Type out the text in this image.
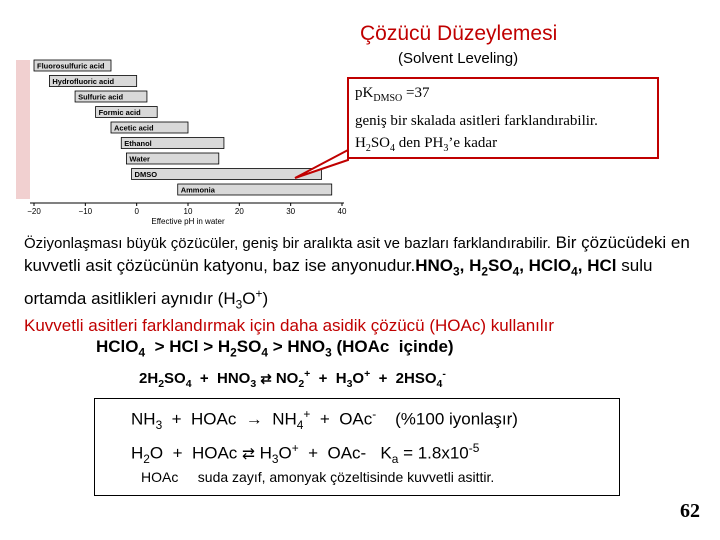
Çözücü Düzeylemesi
(Solvent Leveling)
Fluorosulfuric acid
Hydrofluoric acid
Sulfuric acid
Formic acid
Acetic acid
Ethanol
Water
DMSO
Ammonia
−20	−10	0	10	20	30	40
Effective pH in water
$pK_{DMSO} =37$
geniş bir skalada asitleri farklandırabilir.
$H_2SO_4$ den $PH_3’e$ kadar
Öziyonlaşması büyük çözücüler, geniş bir aralıkta asit ve bazları farklandırabilir. Bir çözücüdeki en kuvvetli asit çözücünün katyonu, baz ise $anyonudur.HNO_3$, $H_2SO_4$, HClO$_4$, HCl sulu ortamda asitlikleri aynıdır $(H_3O^+)$
Kuvvetli asitleri farklandırmak için daha asidik çözücü (HOAc) kullanılır
HClO$_4$  > HCl > $H_2SO_4 > HNO_3$ (HOAc  içinde)
$2H_2SO_4 + HNO_3$ ⇄ $NO_2^+ + H_3O^+ + 2HSO_4^-$
$NH_3$  +  HOAc  →  $NH_4^+ + OAc^-$ (%100 iyonlaşır)
$H_2O$  +  HOAc ⇄ $H_3O^+ + OAc-$   $K_a = 1.8x10^{-5}$
HOAc suda zayıf, amonyak çözeltisinde kuvvetli asittir.
62
